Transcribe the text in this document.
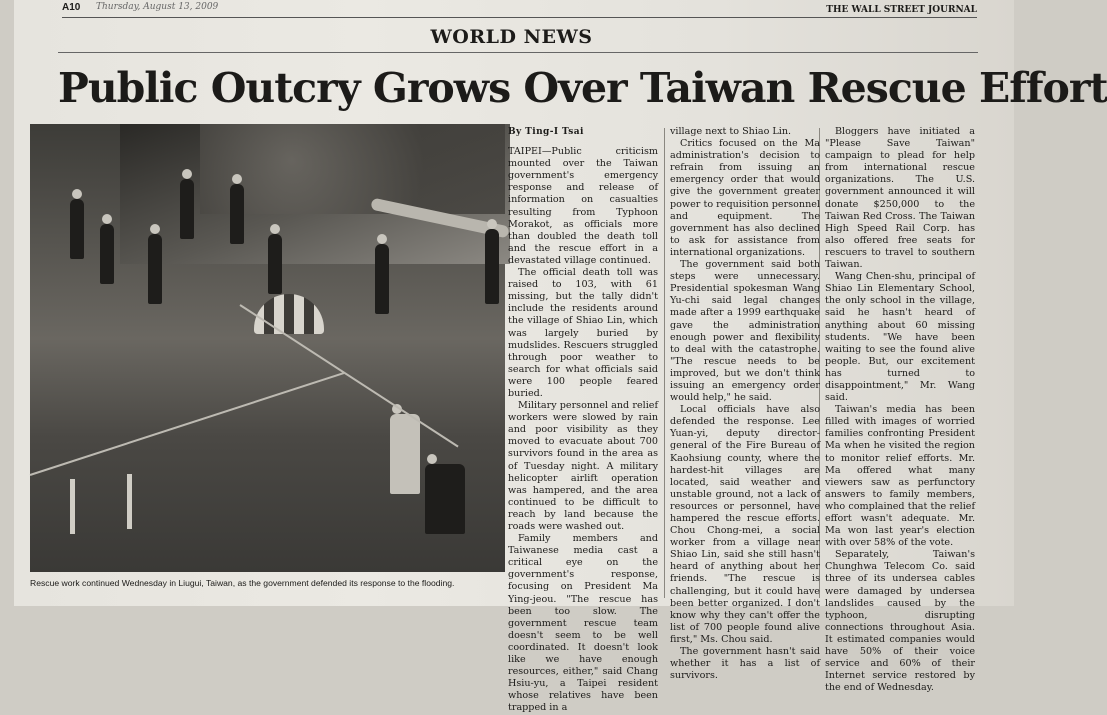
A10 Thursday, August 13, 2009	THE WALL STREET JOURNAL
WORLD NEWS
Public Outcry Grows Over Taiwan Rescue Effort
Rescue work continued Wednesday in Liugui, Taiwan, as the government defended its response to the flooding.
By Ting-I Tsai

TAIPEI—Public criticism mounted over the Taiwan government's emergency response and release of information on casualties resulting from Typhoon Morakot, as officials more than doubled the death toll and the rescue effort in a devastated village continued.

The official death toll was raised to 103, with 61 missing, but the tally didn't include the residents around the village of Shiao Lin, which was largely buried by mudslides. Rescuers struggled through poor weather to search for what officials said were 100 people feared buried.

Military personnel and relief workers were slowed by rain and poor visibility as they moved to evacuate about 700 survivors found in the area as of Tuesday night. A military helicopter airlift operation was hampered, and the area continued to be difficult to reach by land because the roads were washed out.

Family members and Taiwanese media cast a critical eye on the government's response, focusing on President Ma Ying-jeou. "The rescue has been too slow. The government rescue team doesn't seem to be well coordinated. It doesn't look like we have enough resources, either," said Chang Hsiu-yu, a Taipei resident whose relatives have been trapped in a

village next to Shiao Lin.

Critics focused on the Ma administration's decision to refrain from issuing an emergency order that would give the government greater power to requisition personnel and equipment. The government has also declined to ask for assistance from international organizations.

The government said both steps were unnecessary. Presidential spokesman Wang Yu-chi said legal changes made after a 1999 earthquake gave the administration enough power and flexibility to deal with the catastrophe. "The rescue needs to be improved, but we don't think issuing an emergency order would help," he said.

Local officials have also defended the response. Lee Yuan-yi, deputy director-general of the Fire Bureau of Kaohsiung county, where the hardest-hit villages are located, said weather and unstable ground, not a lack of resources or personnel, have hampered the rescue efforts. Chou Chong-mei, a social worker from a village near Shiao Lin, said she still hasn't heard of anything about her friends. "The rescue is challenging, but it could have been better organized. I don't know why they can't offer the list of 700 people found alive first," Ms. Chou said.

The government hasn't said whether it has a list of survivors.

Bloggers have initiated a "Please Save Taiwan" campaign to plead for help from international rescue organizations. The U.S. government announced it will donate $250,000 to the Taiwan Red Cross. The Taiwan High Speed Rail Corp. has also offered free seats for rescuers to travel to southern Taiwan.

Wang Chen-shu, principal of Shiao Lin Elementary School, the only school in the village, said he hasn't heard of anything about 60 missing students. "We have been waiting to see the found alive people. But, our excitement has turned to disappointment," Mr. Wang said.

Taiwan's media has been filled with images of worried families confronting President Ma when he visited the region to monitor relief efforts. Mr. Ma offered what many viewers saw as perfunctory answers to family members, who complained that the relief effort wasn't adequate. Mr. Ma won last year's election with over 58% of the vote.

Separately, Taiwan's Chunghwa Telecom Co. said three of its undersea cables were damaged by undersea landslides caused by the typhoon, disrupting connections throughout Asia. It estimated companies would have 50% of their voice service and 60% of their Internet service restored by the end of Wednesday.
